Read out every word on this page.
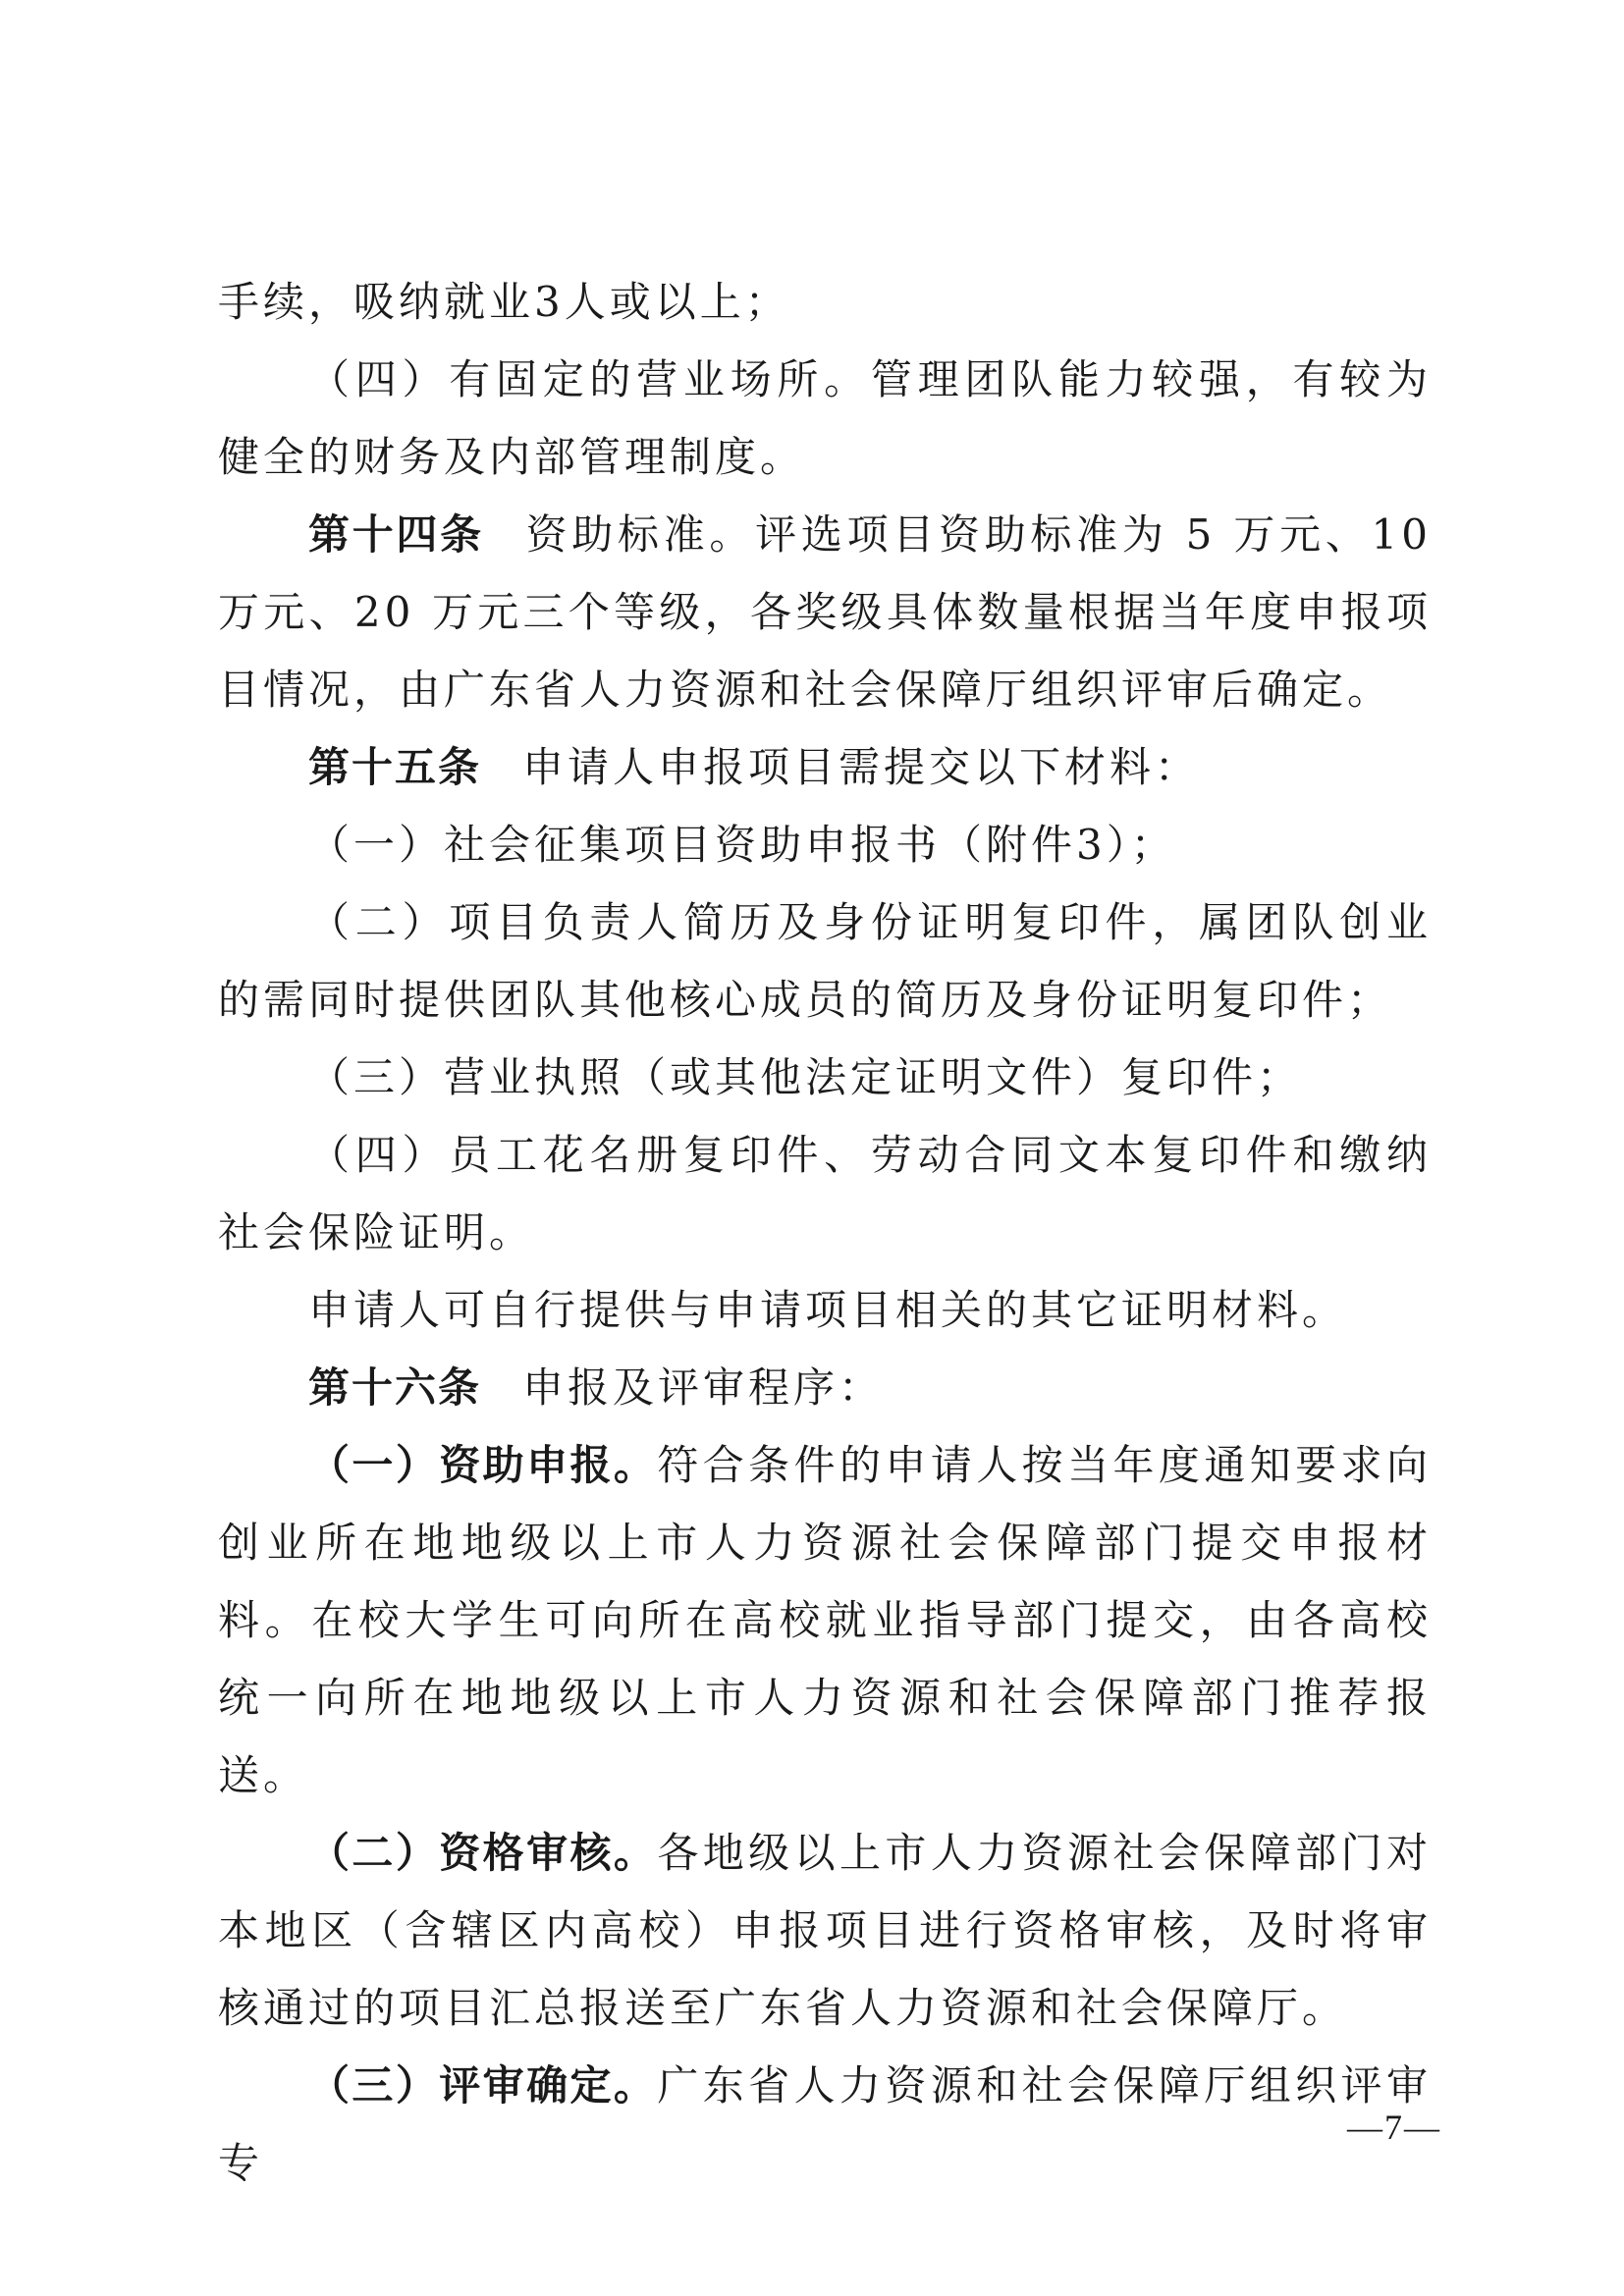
手续，吸纳就业3人或以上；

（四）有固定的营业场所。管理团队能力较强，有较为健全的财务及内部管理制度。

第十四条 资助标准。评选项目资助标准为 5 万元、10 万元、20 万元三个等级，各奖级具体数量根据当年度申报项目情况，由广东省人力资源和社会保障厅组织评审后确定。

第十五条 申请人申报项目需提交以下材料：

（一）社会征集项目资助申报书（附件3）；

（二）项目负责人简历及身份证明复印件，属团队创业的需同时提供团队其他核心成员的简历及身份证明复印件；

（三）营业执照（或其他法定证明文件）复印件；

（四）员工花名册复印件、劳动合同文本复印件和缴纳社会保险证明。

申请人可自行提供与申请项目相关的其它证明材料。

第十六条 申报及评审程序：

（一）资助申报。符合条件的申请人按当年度通知要求向创业所在地地级以上市人力资源社会保障部门提交申报材料。在校大学生可向所在高校就业指导部门提交，由各高校统一向所在地地级以上市人力资源和社会保障部门推荐报送。

（二）资格审核。各地级以上市人力资源社会保障部门对本地区（含辖区内高校）申报项目进行资格审核，及时将审核通过的项目汇总报送至广东省人力资源和社会保障厅。

（三）评审确定。广东省人力资源和社会保障厅组织评审专

—7—
